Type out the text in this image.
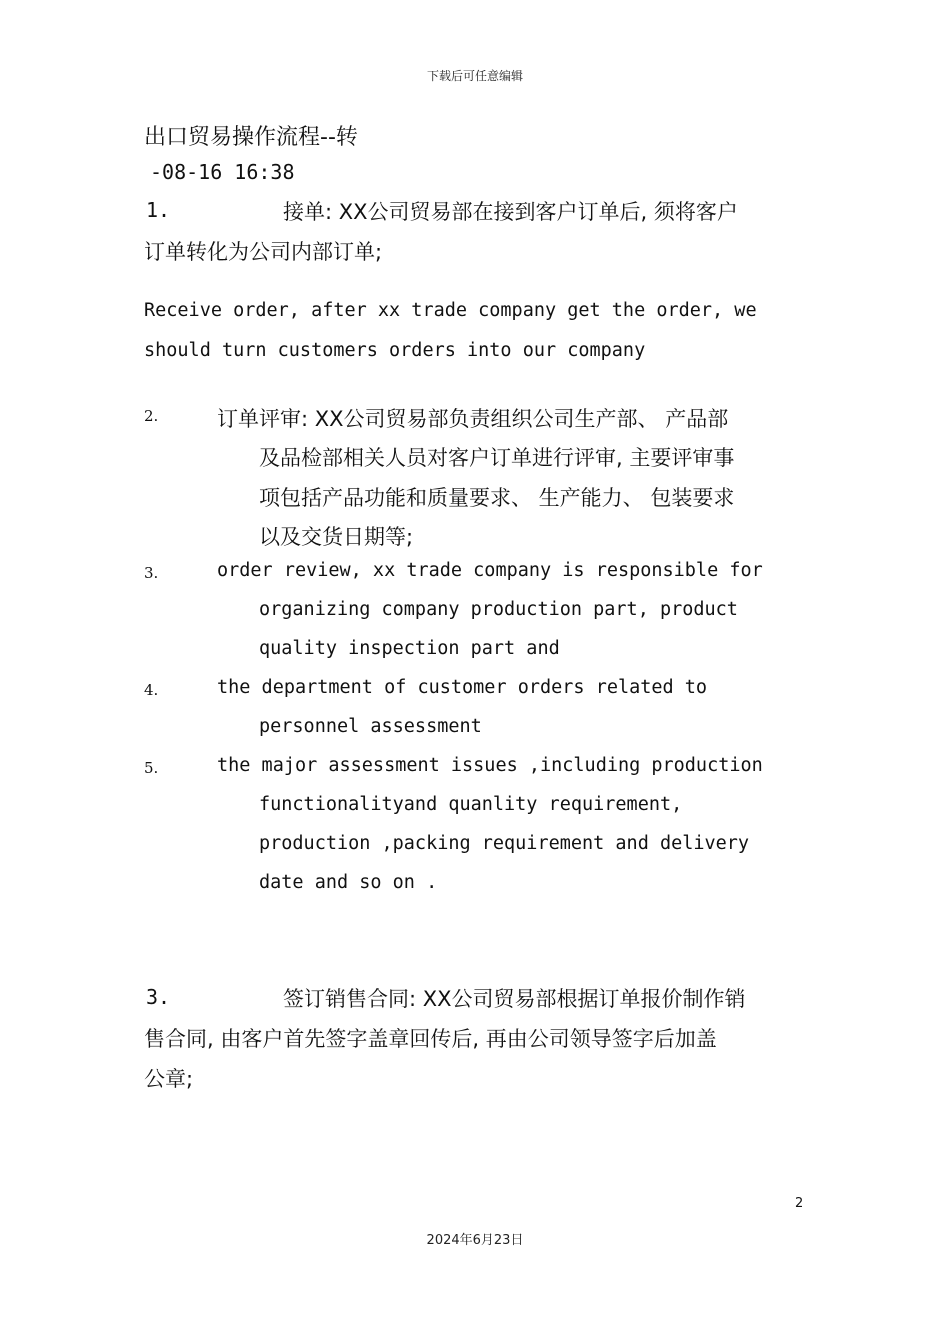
下载后可任意编辑
出口贸易操作流程--转
-08-16 16:38
1.	接单: XX公司贸易部在接到客户订单后, 须将客户
订单转化为公司内部订单;
Receive order, after xx trade company get the order, we
should turn customers orders into our company
2.	订单评审: XX公司贸易部负责组织公司生产部、 产品部
及品检部相关人员对客户订单进行评审, 主要评审事
项包括产品功能和质量要求、 生产能力、 包装要求
以及交货日期等;
3.	order review, xx trade company is responsible for
organizing company production part, product
quality inspection part and
4.	the department of customer orders related to
personnel assessment
5.	the major assessment issues ,including production
functionalityand quanlity requirement,
production ,packing requirement and delivery
date and so on .
3.	签订销售合同: XX公司贸易部根据订单报价制作销
售合同, 由客户首先签字盖章回传后, 再由公司领导签字后加盖
公章;
2
2024年6月23日
